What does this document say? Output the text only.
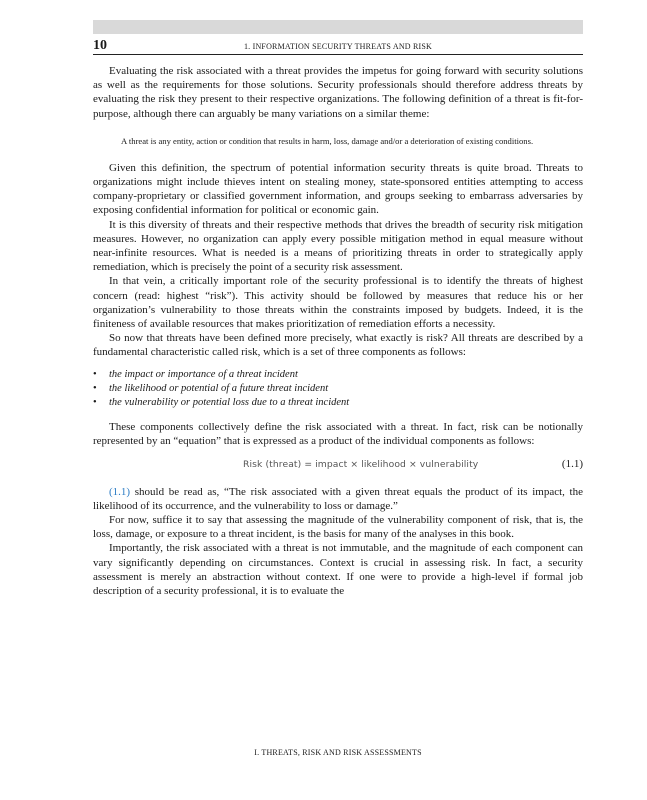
10	1. INFORMATION SECURITY THREATS AND RISK

Evaluating the risk associated with a threat provides the impetus for going forward with security solutions as well as the requirements for those solutions. Security professionals should therefore address threats by evaluating the risk they present to their respective organizations. The following definition of a threat is fit-for-purpose, although there can arguably be many variations on a similar theme:

A threat is any entity, action or condition that results in harm, loss, damage and/or a deterioration of existing conditions.

Given this definition, the spectrum of potential information security threats is quite broad. Threats to organizations might include thieves intent on stealing money, state-sponsored entities attempting to access company-proprietary or classified government information, and groups seeking to embarrass adversaries by exposing confidential information for political or economic gain.

It is this diversity of threats and their respective methods that drives the breadth of security risk mitigation measures. However, no organization can apply every possible mitigation method in equal measure without near-infinite resources. What is needed is a means of prioritizing threats in order to strategically apply remediation, which is precisely the point of a security risk assessment.

In that vein, a critically important role of the security professional is to identify the threats of highest concern (read: highest “risk”). This activity should be followed by measures that reduce his or her organization’s vulnerability to those threats within the constraints imposed by budgets. Indeed, it is the finiteness of available resources that makes prioritization of remediation efforts a necessity.

So now that threats have been defined more precisely, what exactly is risk? All threats are described by a fundamental characteristic called risk, which is a set of three components as follows:

• the impact or importance of a threat incident
• the likelihood or potential of a future threat incident
• the vulnerability or potential loss due to a threat incident

These components collectively define the risk associated with a threat. In fact, risk can be notionally represented by an “equation” that is expressed as a product of the individual components as follows:

Risk (threat) = impact × likelihood × vulnerability	(1.1)

(1.1) should be read as, “The risk associated with a given threat equals the product of its impact, the likelihood of its occurrence, and the vulnerability to loss or damage.”

For now, suffice it to say that assessing the magnitude of the vulnerability component of risk, that is, the loss, damage, or exposure to a threat incident, is the basis for many of the analyses in this book.

Importantly, the risk associated with a threat is not immutable, and the magnitude of each component can vary significantly depending on circumstances. Context is crucial in assessing risk. In fact, a security assessment is merely an abstraction without context. If one were to provide a high-level if formal job description of a security professional, it is to evaluate the

I. THREATS, RISK AND RISK ASSESSMENTS
